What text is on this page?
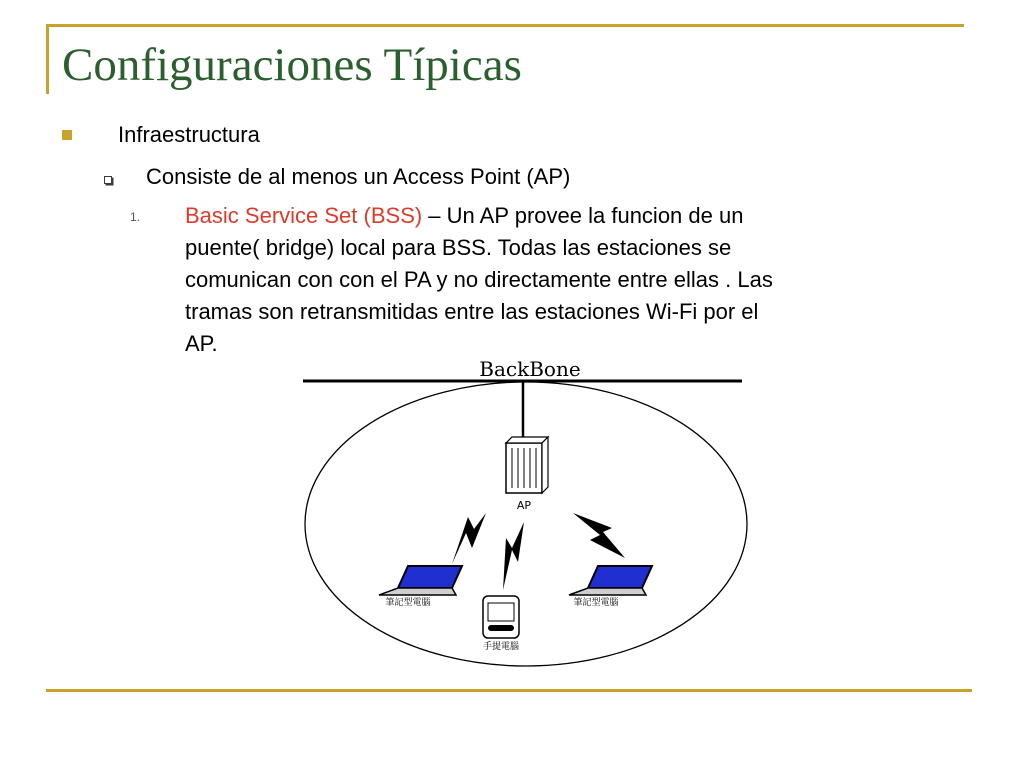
Configuraciones Típicas
Infraestructura
Consiste de al menos un Access Point (AP)
1. Basic Service Set (BSS) – Un AP provee la funcion de un
puente( bridge) local para BSS. Todas las estaciones se
comunican con con el PA y no directamente entre ellas . Las
tramas son retransmitidas entre las estaciones Wi-Fi por el
AP.

BackBone
AP
筆記型電腦	筆記型電腦
手提電腦
